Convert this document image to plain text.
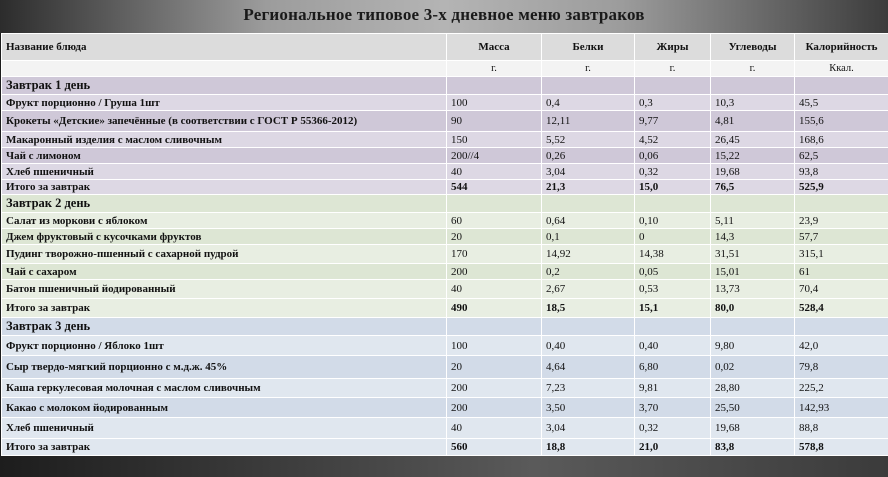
Региональное типовое 3-х дневное меню завтраков
Название блюда	Масса	Белки	Жиры	Углеводы	Калорийность
	г.	г.	г.	г.	Ккал.
Завтрак 1 день					
Фрукт порционно / Груша 1шт	100	0,4	0,3	10,3	45,5
Крокеты «Детские» запечённые (в соответствии с ГОСТ Р 55366-2012)	90	12,11	9,77	4,81	155,6
Макаронный изделия с маслом сливочным	150	5,52	4,52	26,45	168,6
Чай с лимоном	200//4	0,26	0,06	15,22	62,5
Хлеб пшеничный	40	3,04	0,32	19,68	93,8
Итого за завтрак	544	21,3	15,0	76,5	525,9
Завтрак 2 день					
Салат из моркови с яблоком	60	0,64	0,10	5,11	23,9
Джем фруктовый с кусочками фруктов	20	0,1	0	14,3	57,7
Пудинг творожно-пшенный с сахарной пудрой	170	14,92	14,38	31,51	315,1
Чай с сахаром	200	0,2	0,05	15,01	61
Батон пшеничный йодированный	40	2,67	0,53	13,73	70,4
Итого за завтрак	490	18,5	15,1	80,0	528,4
Завтрак 3 день					
Фрукт порционно / Яблоко 1шт	100	0,40	0,40	9,80	42,0
Сыр твердо-мягкий порционно с м.д.ж. 45%	20	4,64	6,80	0,02	79,8
Каша геркулесовая молочная с маслом сливочным	200	7,23	9,81	28,80	225,2
Какао с молоком йодированным	200	3,50	3,70	25,50	142,93
Хлеб пшеничный	40	3,04	0,32	19,68	88,8
Итого за завтрак	560	18,8	21,0	83,8	578,8
